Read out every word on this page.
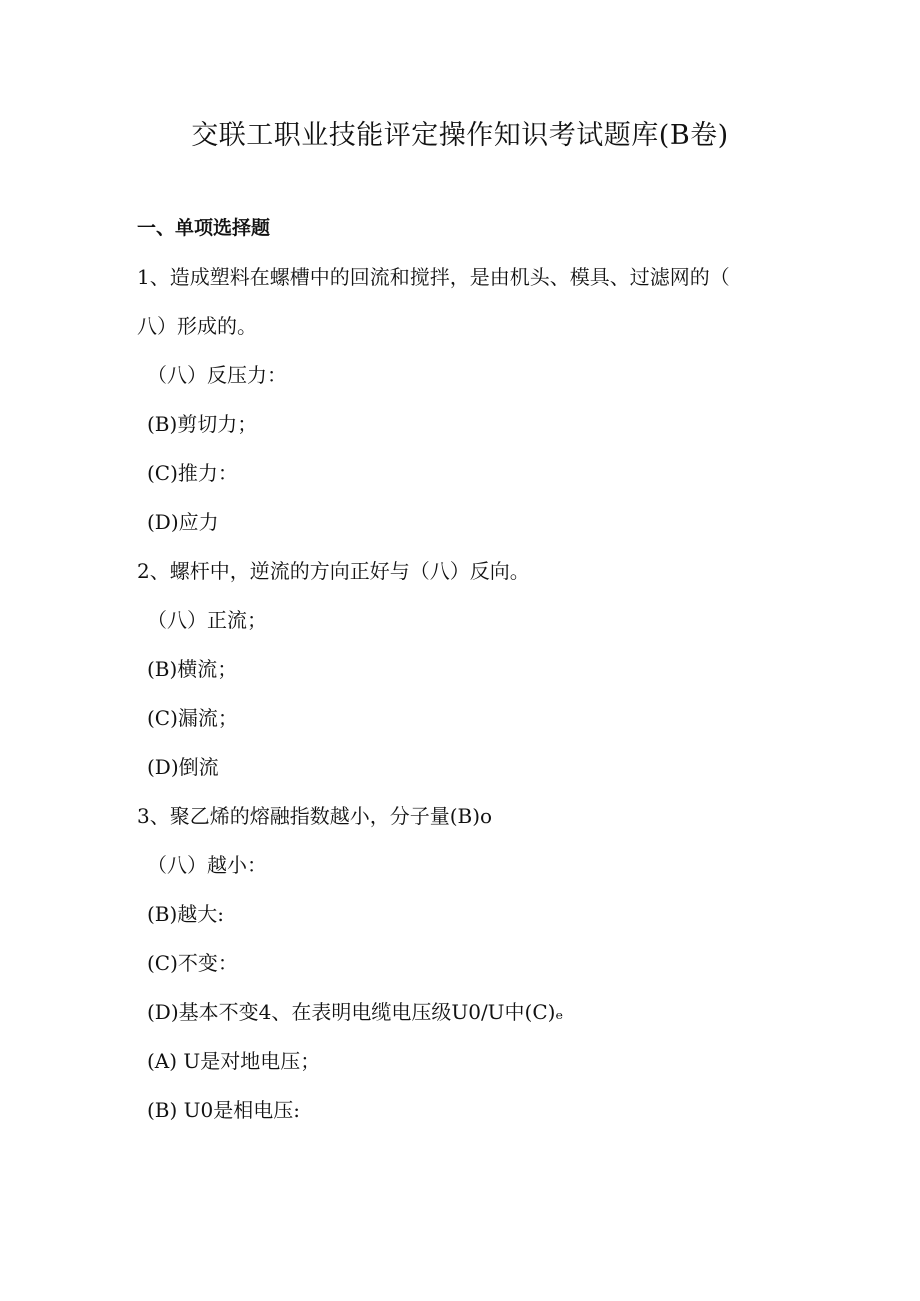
交联工职业技能评定操作知识考试题库(B卷)
一、单项选择题
1、造成塑料在螺槽中的回流和搅拌，是由机头、模具、过滤网的（
八）形成的。
（八）反压力：
(B)剪切力；
(C)推力：
(D)应力
2、螺杆中，逆流的方向正好与（八）反向。
（八）正流；
(B)横流；
(C)漏流；
(D)倒流
3、聚乙烯的熔融指数越小，分子量(B)o
（八）越小：
(B)越大:
(C)不变：
(D)基本不变4、在表明电缆电压级U0/U中(C)ₑ
(A) U是对地电压；
(B) U0是相电压:
